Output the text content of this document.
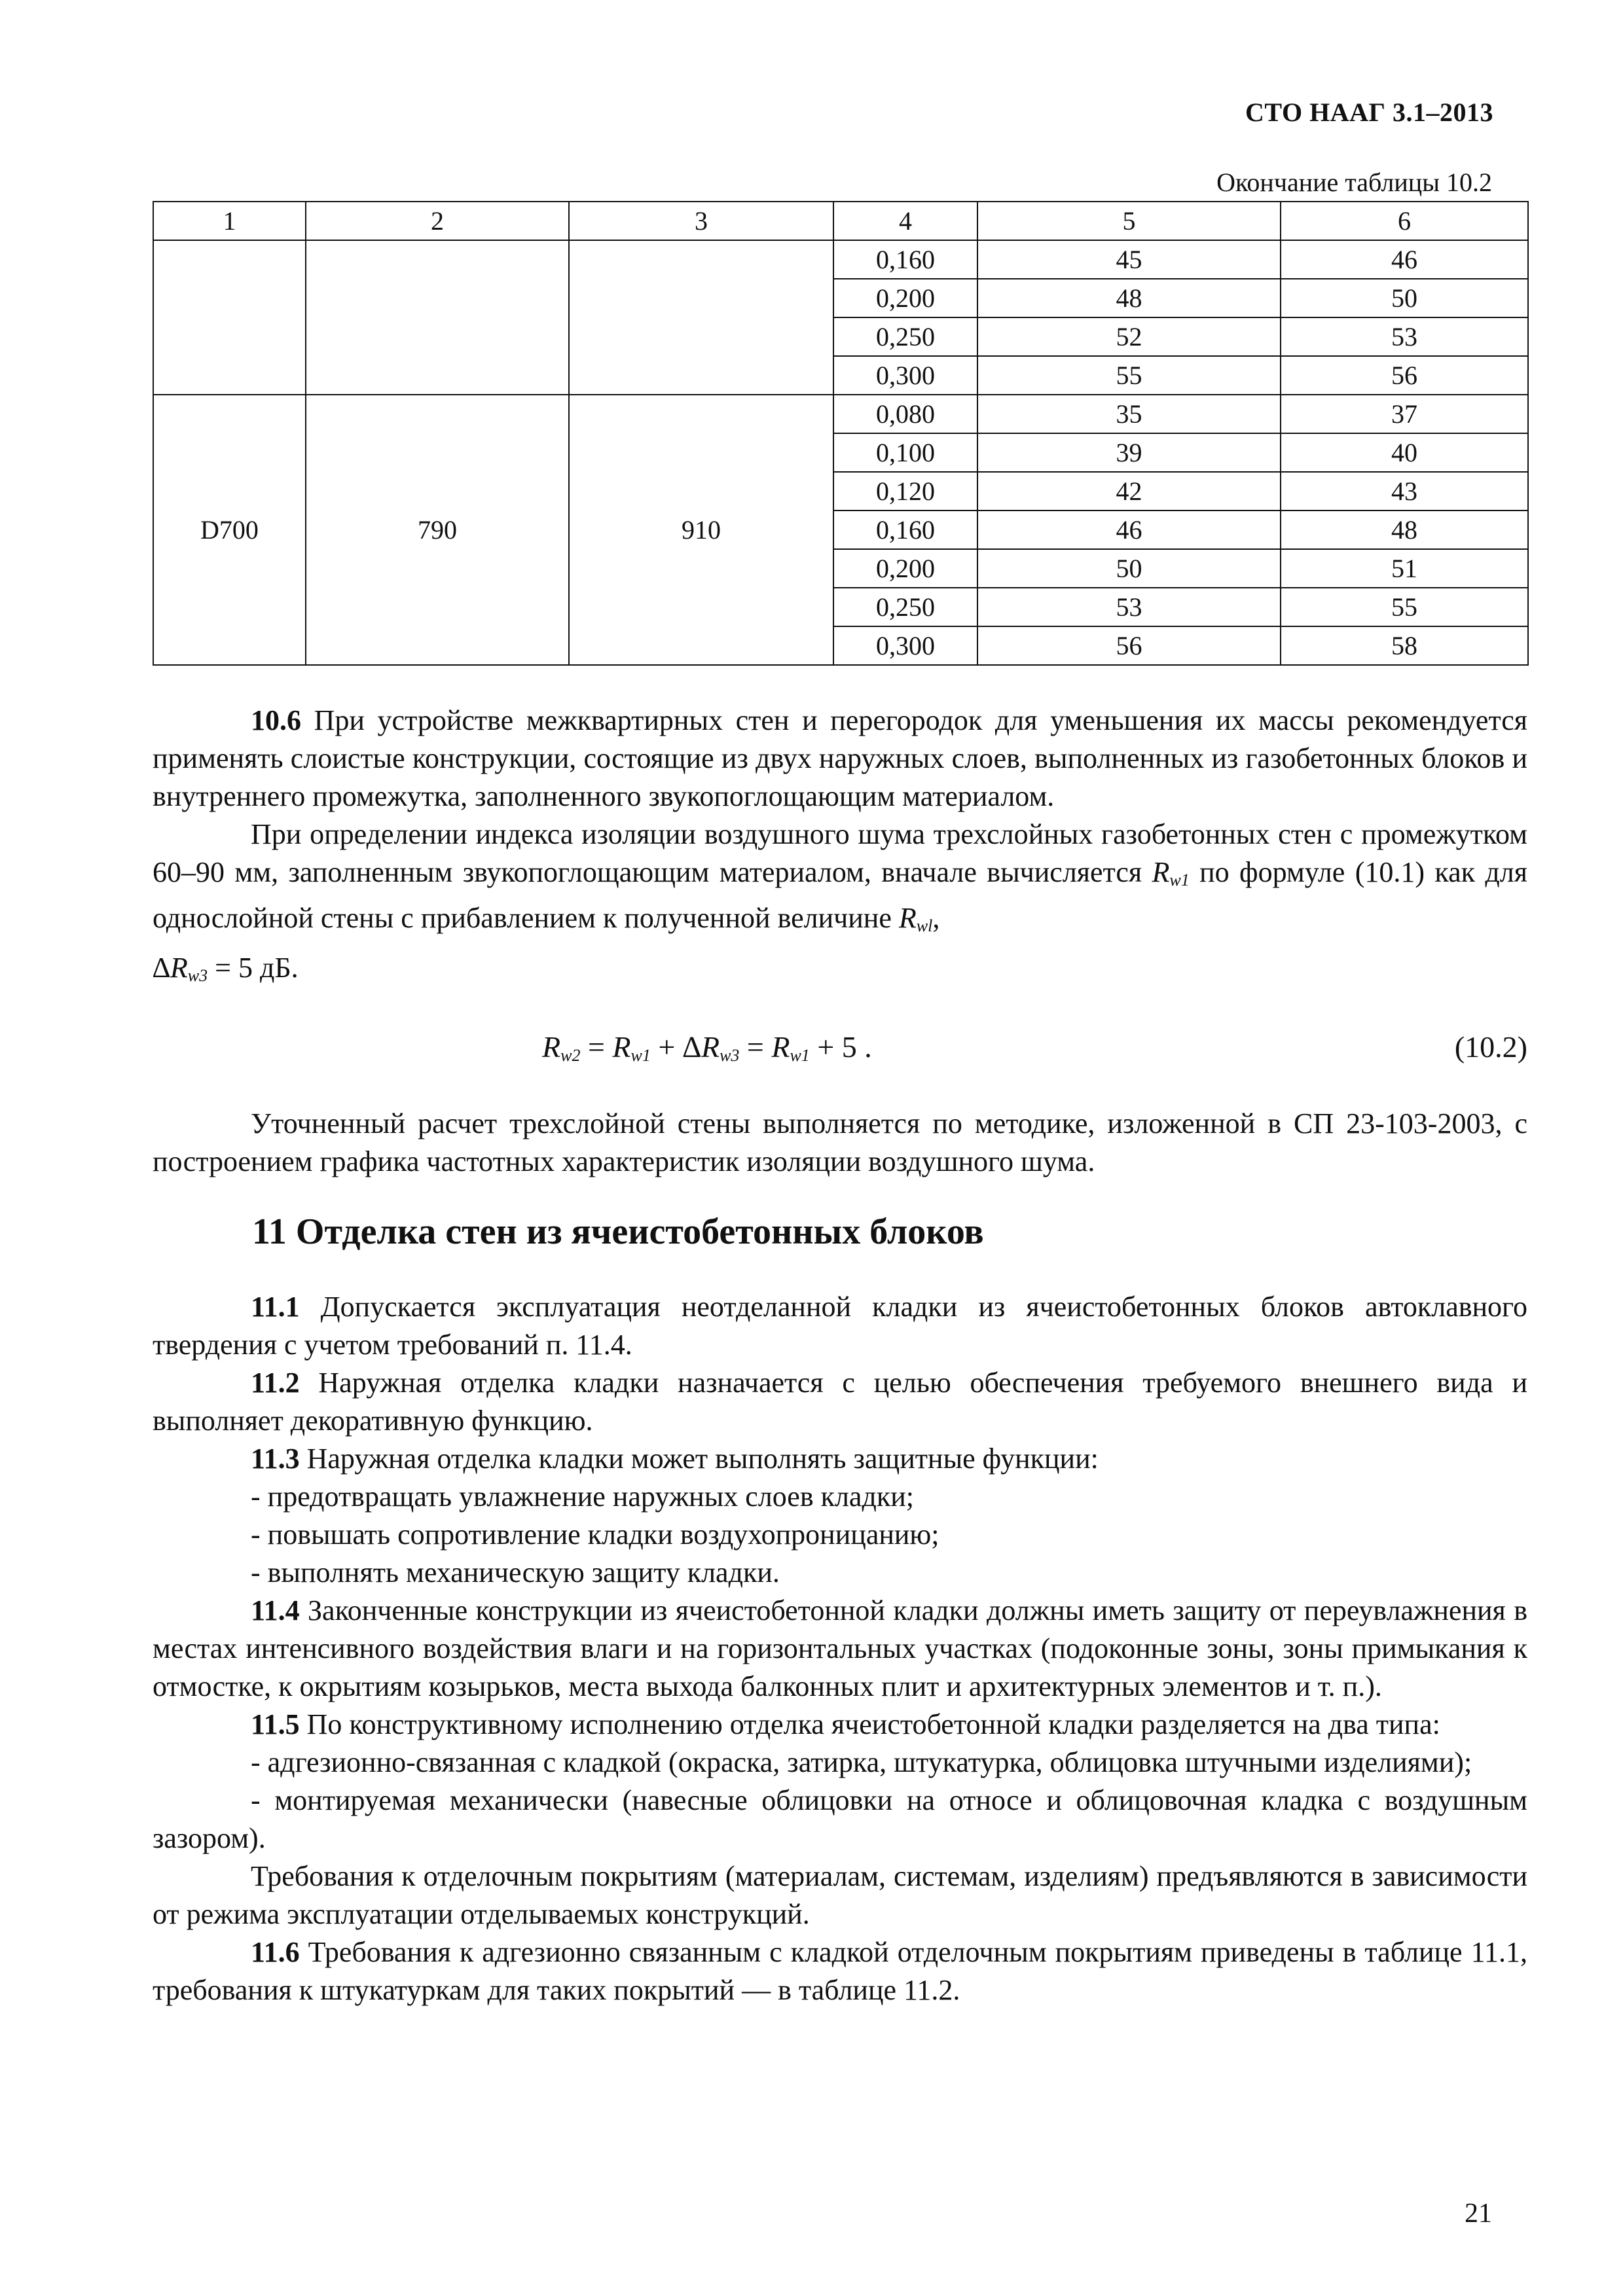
СТО НААГ 3.1–2013
Окончание таблицы 10.2
1	2	3	4	5	6
			0,160	45	46
			0,200	48	50
			0,250	52	53
			0,300	55	56
D700	790	910	0,080	35	37
			0,100	39	40
			0,120	42	43
			0,160	46	48
			0,200	50	51
			0,250	53	55
			0,300	56	58

10.6 При устройстве межквартирных стен и перегородок для уменьшения их массы рекомендуется применять слоистые конструкции, состоящие из двух наружных слоев, выполненных из газобетонных блоков и внутреннего промежутка, заполненного звукопоглощающим материалом.

При определении индекса изоляции воздушного шума трехслойных газобетонных стен с промежутком 60–90 мм, заполненным звукопоглощающим материалом, вначале вычисляется $R_{w1}$ по формуле (10.1) как для однослойной стены с прибавлением к полученной величине $R_{wl}$,

$\Delta R_{w3} = 5$ дБ.

$R_{w2} = R_{w1} + \Delta R_{w3} = R_{w1} + 5$ .	(10.2)

Уточненный расчет трехслойной стены выполняется по методике, изложенной в СП 23-103-2003, с построением графика частотных характеристик изоляции воздушного шума.

11 Отделка стен из ячеистобетонных блоков

11.1 Допускается эксплуатация неотделанной кладки из ячеистобетонных блоков автоклавного твердения с учетом требований п. 11.4.

11.2 Наружная отделка кладки назначается с целью обеспечения требуемого внешнего вида и выполняет декоративную функцию.

11.3 Наружная отделка кладки может выполнять защитные функции:

- предотвращать увлажнение наружных слоев кладки;

- повышать сопротивление кладки воздухопроницанию;

- выполнять механическую защиту кладки.

11.4 Законченные конструкции из ячеистобетонной кладки должны иметь защиту от переувлажнения в местах интенсивного воздействия влаги и на горизонтальных участках (подоконные зоны, зоны примыкания к отмостке, к окрытиям козырьков, места выхода балконных плит и архитектурных элементов и т. п.).

11.5 По конструктивному исполнению отделка ячеистобетонной кладки разделяется на два типа:

- адгезионно-связанная с кладкой (окраска, затирка, штукатурка, облицовка штучными изделиями);

- монтируемая механически (навесные облицовки на относе и облицовочная кладка с воздушным зазором).

Требования к отделочным покрытиям (материалам, системам, изделиям) предъявляются в зависимости от режима эксплуатации отделываемых конструкций.

11.6 Требования к адгезионно связанным с кладкой отделочным покрытиям приведены в таблице 11.1, требования к штукатуркам для таких покрытий — в таблице 11.2.

21
